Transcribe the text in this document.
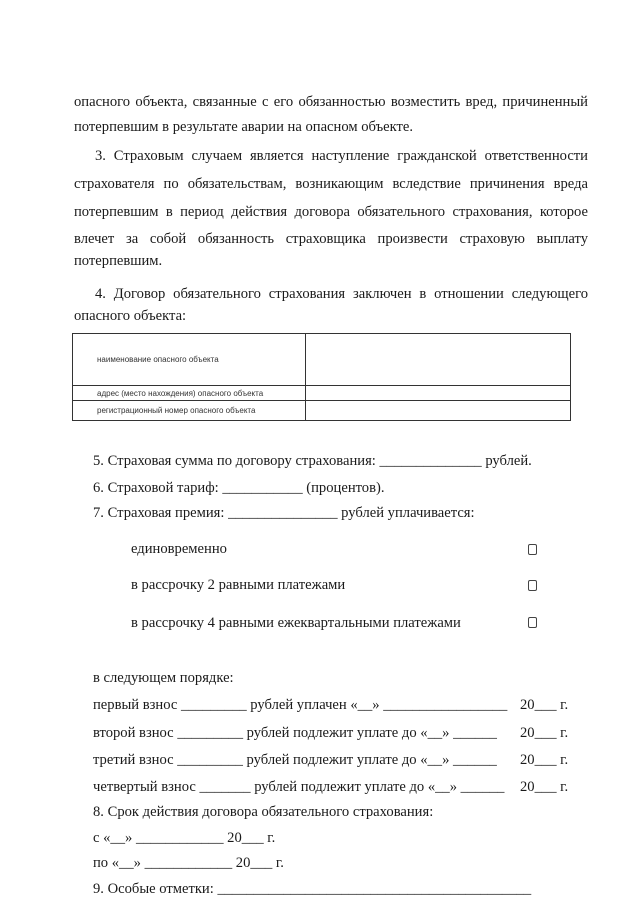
опасного объекта, связанные с его обязанностью возместить вред, причиненный
потерпевшим в результате аварии на опасном объекте.
3. Страховым случаем является наступление гражданской ответственности
страхователя по обязательствам, возникающим вследствие причинения вреда
потерпевшим в период действия договора обязательного страхования, которое
влечет за собой обязанность страховщика произвести страховую выплату
потерпевшим.
4. Договор обязательного страхования заключен в отношении следующего
опасного объекта:
наименование опасного объекта	
адрес (место нахождения) опасного объекта	
регистрационный номер опасного объекта	
5. Страховая сумма по договору страхования: ______________ рублей.
6. Страховой тариф: ___________ (процентов).
7. Страховая премия: _______________ рублей уплачивается:
единовременно
в рассрочку 2 равными платежами
в рассрочку 4 равными ежеквартальными платежами
в следующем порядке:
первый взнос _________ рублей уплачен «__» _________________ 20___ г.
второй взнос _________ рублей подлежит уплате до «__» ______ 20___ г.
третий взнос _________ рублей подлежит уплате до «__» ______ 20___ г.
четвертый взнос _______ рублей подлежит уплате до «__» ______ 20___ г.
8. Срок действия договора обязательного страхования:
с «__» ____________ 20___ г.
по «__» ____________ 20___ г.
9. Особые отметки: ___________________________________________
